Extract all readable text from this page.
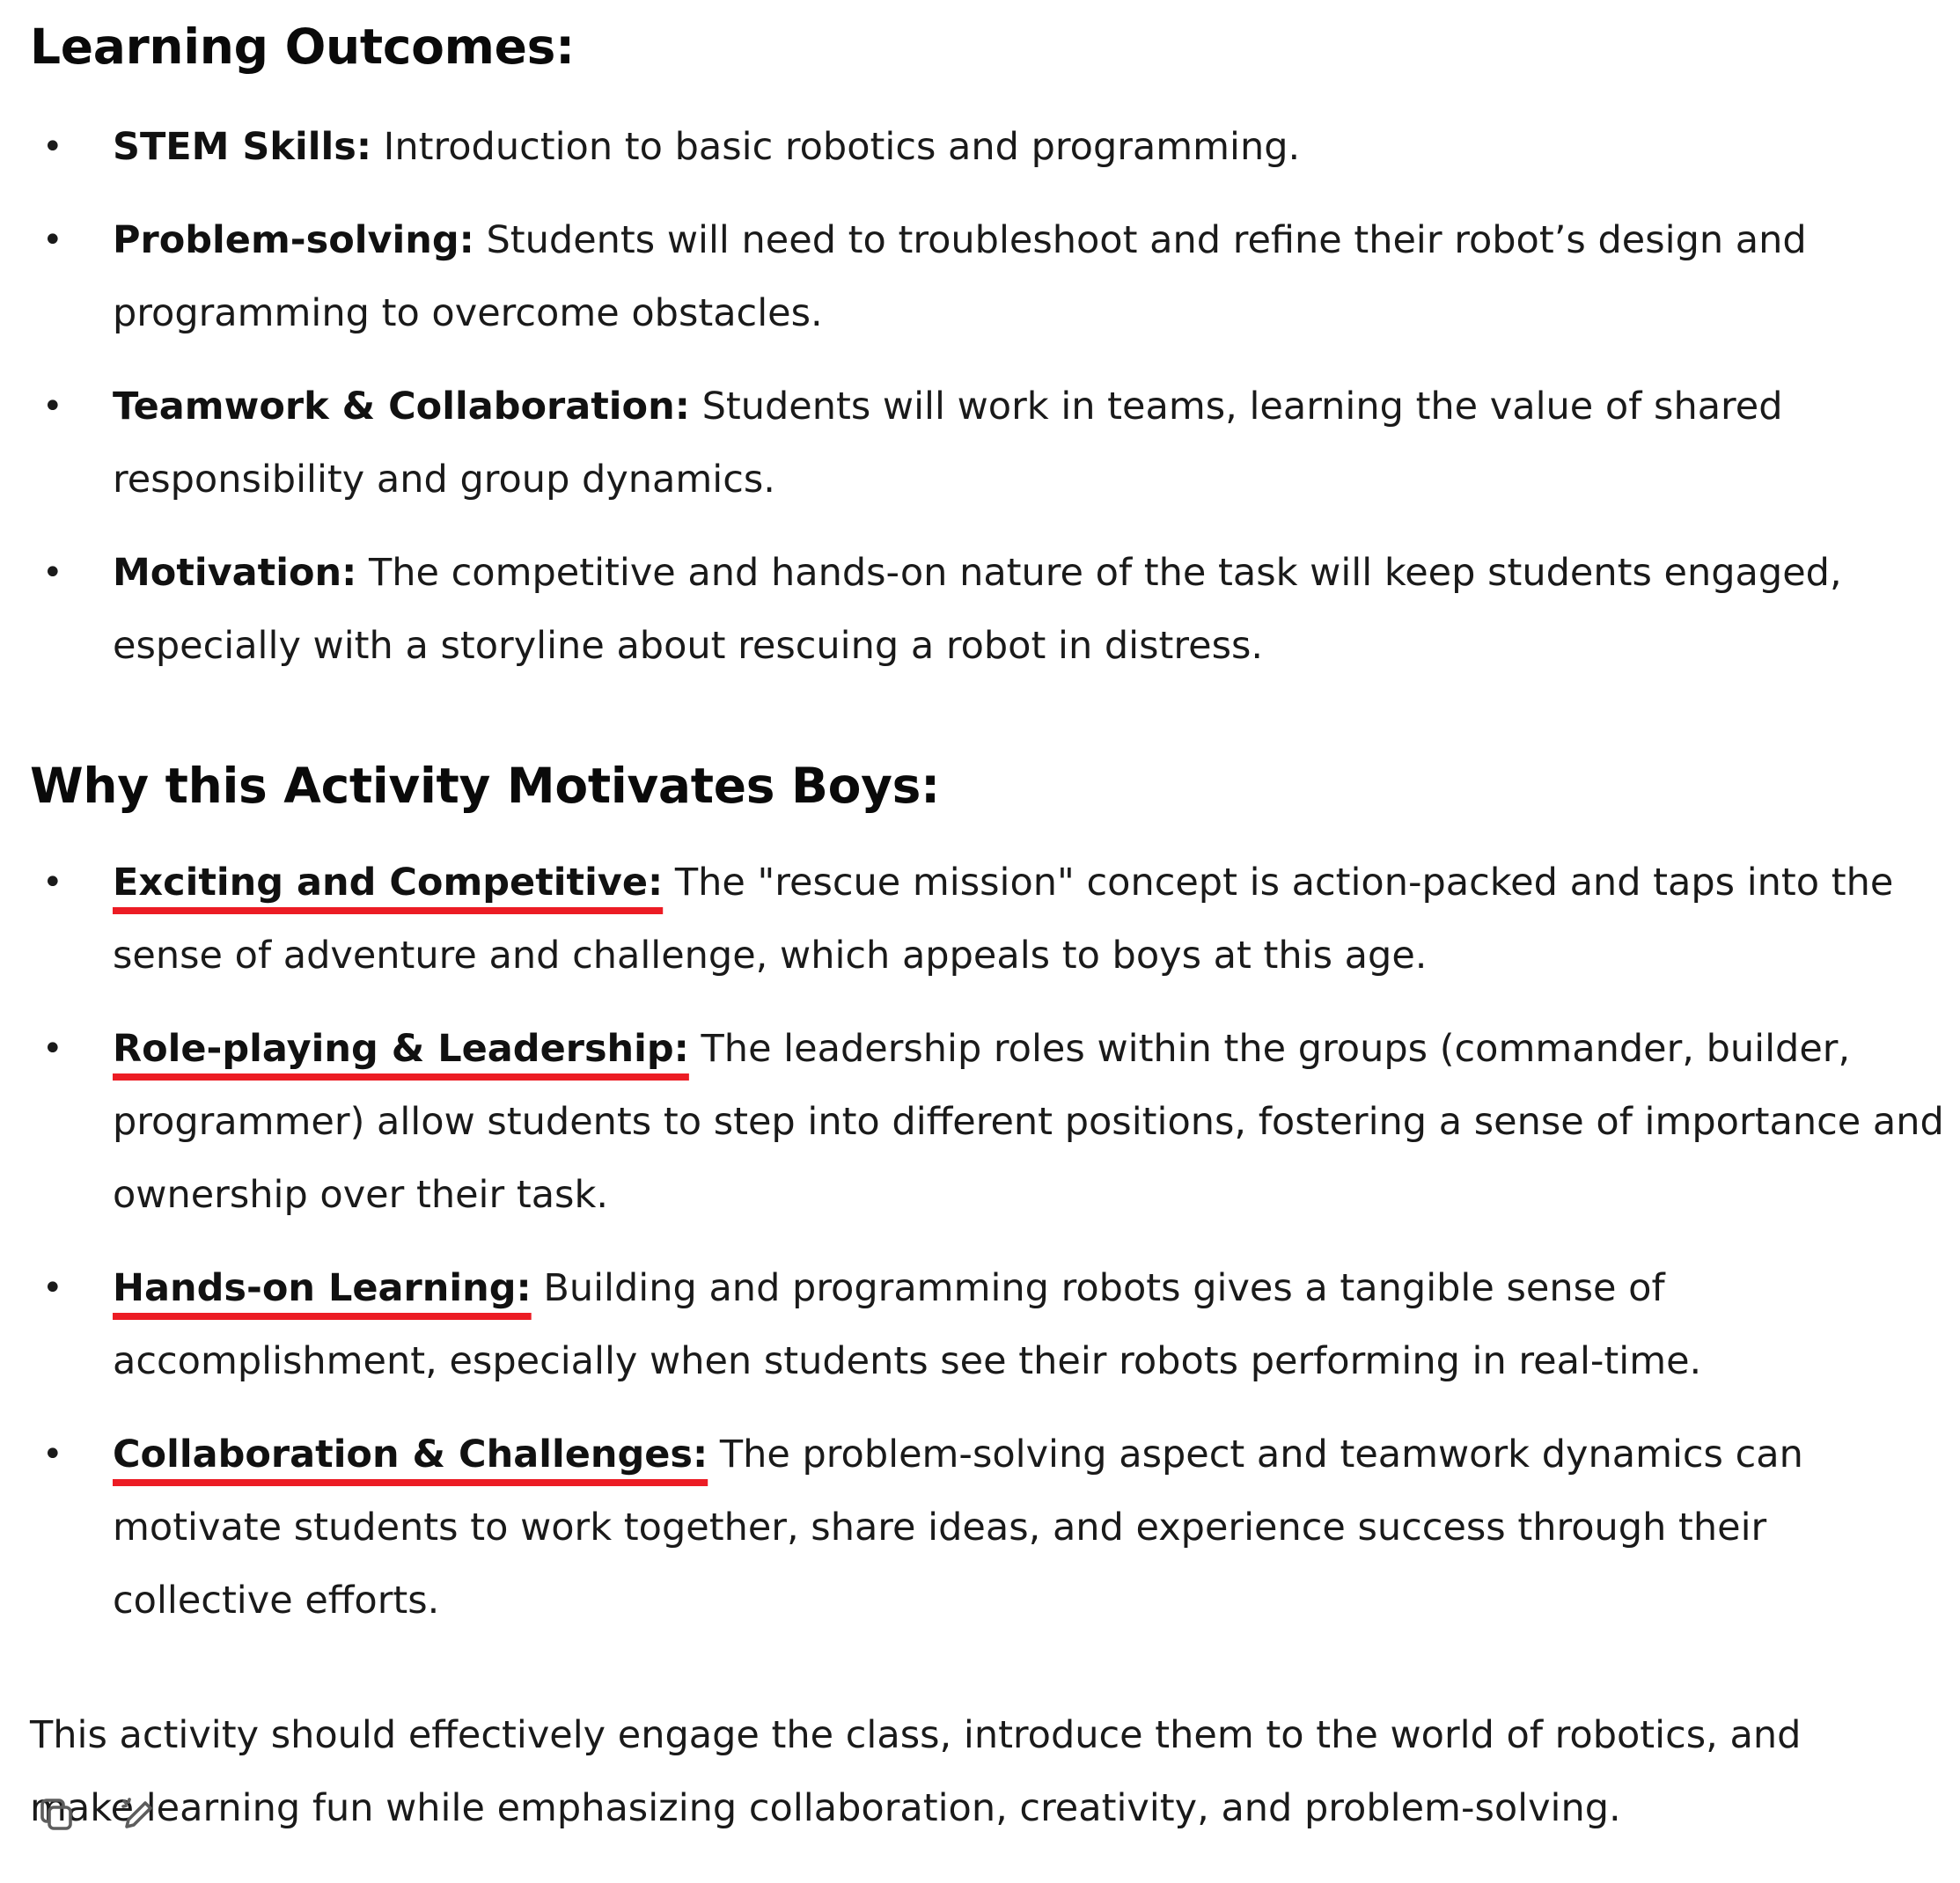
Learning Outcomes:
• STEM Skills: Introduction to basic robotics and programming.
• Problem-solving: Students will need to troubleshoot and refine their robot’s design and programming to overcome obstacles.
• Teamwork & Collaboration: Students will work in teams, learning the value of shared responsibility and group dynamics.
• Motivation: The competitive and hands-on nature of the task will keep students engaged, especially with a storyline about rescuing a robot in distress.
Why this Activity Motivates Boys:
• Exciting and Competitive: The "rescue mission" concept is action-packed and taps into the sense of adventure and challenge, which appeals to boys at this age.
• Role-playing & Leadership: The leadership roles within the groups (commander, builder, programmer) allow students to step into different positions, fostering a sense of importance and ownership over their task.
• Hands-on Learning: Building and programming robots gives a tangible sense of accomplishment, especially when students see their robots performing in real-time.
• Collaboration & Challenges: The problem-solving aspect and teamwork dynamics can motivate students to work together, share ideas, and experience success through their collective efforts.

This activity should effectively engage the class, introduce them to the world of robotics, and make learning fun while emphasizing collaboration, creativity, and problem-solving.
